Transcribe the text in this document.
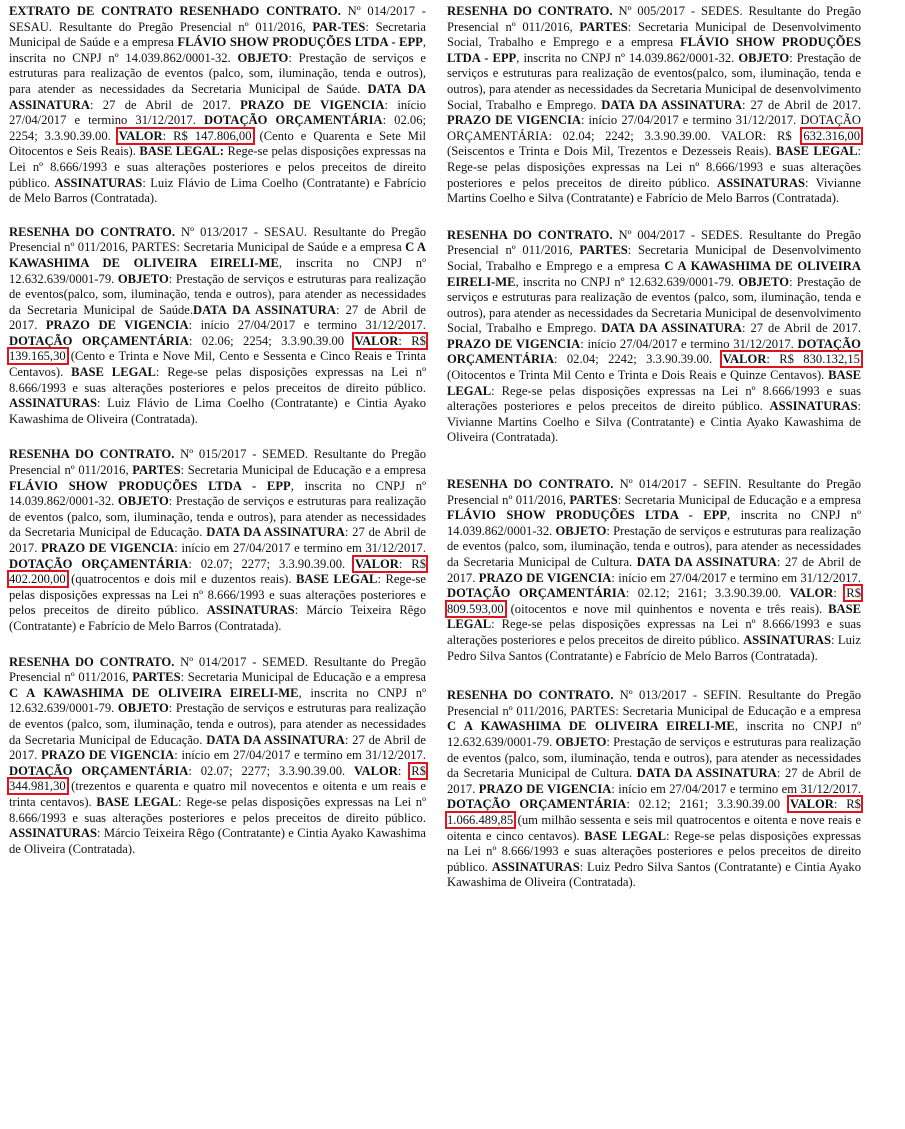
EXTRATO DE CONTRATO RESENHADO CONTRATO. Nº 014/2017 - SESAU. Resultante do Pregão Presencial nº 011/2016, PAR-TES: Secretaria Municipal de Saúde e a empresa FLÁVIO SHOW PRODUÇÕES LTDA - EPP, inscrita no CNPJ nº 14.039.862/0001-32. OBJETO: Prestação de serviços e estruturas para realização de eventos (palco, som, iluminação, tenda e outros), para atender as necessidades da Secretaria Municipal de Saúde. DATA DA ASSINATURA: 27 de Abril de 2017. PRAZO DE VIGENCIA: início 27/04/2017 e termino 31/12/2017. DOTAÇÃO ORÇAMENTÁRIA: 02.06; 2254; 3.3.90.39.00. VALOR: R$ 147.806,00 (Cento e Quarenta e Sete Mil Oitocentos e Seis Reais). BASE LEGAL: Rege-se pelas disposições expressas na Lei nº 8.666/1993 e suas alterações posteriores e pelos preceitos de direito público. ASSINATURAS: Luiz Flávio de Lima Coelho (Contratante) e Fabrício de Melo Barros (Contratada).

RESENHA DO CONTRATO. Nº 013/2017 - SESAU. Resultante do Pregão Presencial nº 011/2016, PARTES: Secretaria Municipal de Saúde e a empresa C A KAWASHIMA DE OLIVEIRA EIRELI-ME, inscrita no CNPJ nº 12.632.639/0001-79. OBJETO: Prestação de serviços e estruturas para realização de eventos(palco, som, iluminação, tenda e outros), para atender as necessidades da Secretaria Municipal de Saúde.DATA DA ASSINATURA: 27 de Abril de 2017. PRAZO DE VIGENCIA: início 27/04/2017 e termino 31/12/2017. DOTAÇÃO ORÇAMENTÁRIA: 02.06; 2254; 3.3.90.39.00 VALOR: R$ 139.165,30 (Cento e Trinta e Nove Mil, Cento e Sessenta e Cinco Reais e Trinta Centavos). BASE LEGAL: Rege-se pelas disposições expressas na Lei nº 8.666/1993 e suas alterações posteriores e pelos preceitos de direito público. ASSINATURAS: Luiz Flávio de Lima Coelho (Contratante) e Cintia Ayako Kawashima de Oliveira (Contratada).

RESENHA DO CONTRATO. Nº 015/2017 - SEMED. Resultante do Pregão Presencial nº 011/2016, PARTES: Secretaria Municipal de Educação e a empresa FLÁVIO SHOW PRODUÇÕES LTDA - EPP, inscrita no CNPJ nº 14.039.862/0001-32. OBJETO: Prestação de serviços e estruturas para realização de eventos (palco, som, iluminação, tenda e outros), para atender as necessidades da Secretaria Municipal de Educação. DATA DA ASSINATURA: 27 de Abril de 2017. PRAZO DE VIGENCIA: início em 27/04/2017 e termino em 31/12/2017. DOTAÇÃO ORÇAMENTÁRIA: 02.07; 2277; 3.3.90.39.00. VALOR: R$ 402.200,00 (quatrocentos e dois mil e duzentos reais). BASE LEGAL: Rege-se pelas disposições expressas na Lei nº 8.666/1993 e suas alterações posteriores e pelos preceitos de direito público. ASSINATURAS: Márcio Teixeira Rêgo (Contratante) e Fabrício de Melo Barros (Contratada).

RESENHA DO CONTRATO. Nº 014/2017 - SEMED. Resultante do Pregão Presencial nº 011/2016, PARTES: Secretaria Municipal de Educação e a empresa C A KAWASHIMA DE OLIVEIRA EIRELI-ME, inscrita no CNPJ nº 12.632.639/0001-79. OBJETO: Prestação de serviços e estruturas para realização de eventos (palco, som, iluminação, tenda e outros), para atender as necessidades da Secretaria Municipal de Educação. DATA DA ASSINATURA: 27 de Abril de 2017. PRAZO DE VIGENCIA: início em 27/04/2017 e termino em 31/12/2017. DOTAÇÃO ORÇAMENTÁRIA: 02.07; 2277; 3.3.90.39.00. VALOR: R$ 344.981,30 (trezentos e quarenta e quatro mil novecentos e oitenta e um reais e trinta centavos). BASE LEGAL: Rege-se pelas disposições expressas na Lei nº 8.666/1993 e suas alterações posteriores e pelos preceitos de direito público. ASSINATURAS: Márcio Teixeira Rêgo (Contratante) e Cintia Ayako Kawashima de Oliveira (Contratada).

RESENHA DO CONTRATO. Nº 005/2017 - SEDES. Resultante do Pregão Presencial nº 011/2016, PARTES: Secretaria Municipal de Desenvolvimento Social, Trabalho e Emprego e a empresa FLÁVIO SHOW PRODUÇÕES LTDA - EPP, inscrita no CNPJ nº 14.039.862/0001-32. OBJETO: Prestação de serviços e estruturas para realização de eventos(palco, som, iluminação, tenda e outros), para atender as necessidades da Secretaria Municipal de desenvolvimento Social, Trabalho e Emprego. DATA DA ASSINATURA: 27 de Abril de 2017. PRAZO DE VIGENCIA: início 27/04/2017 e termino 31/12/2017. DOTAÇÃO ORÇAMENTÁRIA: 02.04; 2242; 3.3.90.39.00. VALOR: R$ 632.316,00 (Seiscentos e Trinta e Dois Mil, Trezentos e Dezesseis Reais). BASE LEGAL: Rege-se pelas disposições expressas na Lei nº 8.666/1993 e suas alterações posteriores e pelos preceitos de direito público. ASSINATURAS: Vivianne Martins Coelho e Silva (Contratante) e Fabrício de Melo Barros (Contratada).

RESENHA DO CONTRATO. Nº 004/2017 - SEDES. Resultante do Pregão Presencial nº 011/2016, PARTES: Secretaria Municipal de Desenvolvimento Social, Trabalho e Emprego e a empresa C A KAWASHIMA DE OLIVEIRA EIRELI-ME, inscrita no CNPJ nº 12.632.639/0001-79. OBJETO: Prestação de serviços e estruturas para realização de eventos (palco, som, iluminação, tenda e outros), para atender as necessidades da Secretaria Municipal de desenvolvimento Social, Trabalho e Emprego. DATA DA ASSINATURA: 27 de Abril de 2017. PRAZO DE VIGENCIA: início 27/04/2017 e termino 31/12/2017. DOTAÇÃO ORÇAMENTÁRIA: 02.04; 2242; 3.3.90.39.00. VALOR: R$ 830.132,15 (Oitocentos e Trinta Mil Cento e Trinta e Dois Reais e Quinze Centavos). BASE LEGAL: Rege-se pelas disposições expressas na Lei nº 8.666/1993 e suas alterações posteriores e pelos preceitos de direito público. ASSINATURAS: Vivianne Martins Coelho e Silva (Contratante) e Cintia Ayako Kawashima de Oliveira (Contratada).

RESENHA DO CONTRATO. Nº 014/2017 - SEFIN. Resultante do Pregão Presencial nº 011/2016, PARTES: Secretaria Municipal de Educação e a empresa FLÁVIO SHOW PRODUÇÕES LTDA - EPP, inscrita no CNPJ nº 14.039.862/0001-32. OBJETO: Prestação de serviços e estruturas para realização de eventos (palco, som, iluminação, tenda e outros), para atender as necessidades da Secretaria Municipal de Cultura. DATA DA ASSINATURA: 27 de Abril de 2017. PRAZO DE VIGENCIA: início em 27/04/2017 e termino em 31/12/2017. DOTAÇÃO ORÇAMENTÁRIA: 02.12; 2161; 3.3.90.39.00. VALOR: R$ 809.593,00 (oitocentos e nove mil quinhentos e noventa e três reais). BASE LEGAL: Rege-se pelas disposições expressas na Lei nº 8.666/1993 e suas alterações posteriores e pelos preceitos de direito público. ASSINATURAS: Luiz Pedro Silva Santos (Contratante) e Fabrício de Melo Barros (Contratada).

RESENHA DO CONTRATO. Nº 013/2017 - SEFIN. Resultante do Pregão Presencial nº 011/2016, PARTES: Secretaria Municipal de Educação e a empresa C A KAWASHIMA DE OLIVEIRA EIRELI-ME, inscrita no CNPJ nº 12.632.639/0001-79. OBJETO: Prestação de serviços e estruturas para realização de eventos (palco, som, iluminação, tenda e outros), para atender as necessidades da Secretaria Municipal de Cultura. DATA DA ASSINATURA: 27 de Abril de 2017. PRAZO DE VIGENCIA: início em 27/04/2017 e termino em 31/12/2017. DOTAÇÃO ORÇAMENTÁRIA: 02.12; 2161; 3.3.90.39.00 VALOR: R$ 1.066.489,85 (um milhão sessenta e seis mil quatrocentos e oitenta e nove reais e oitenta e cinco centavos). BASE LEGAL: Rege-se pelas disposições expressas na Lei nº 8.666/1993 e suas alterações posteriores e pelos preceitos de direito público. ASSINATURAS: Luiz Pedro Silva Santos (Contratante) e Cintia Ayako Kawashima de Oliveira (Contratada).
